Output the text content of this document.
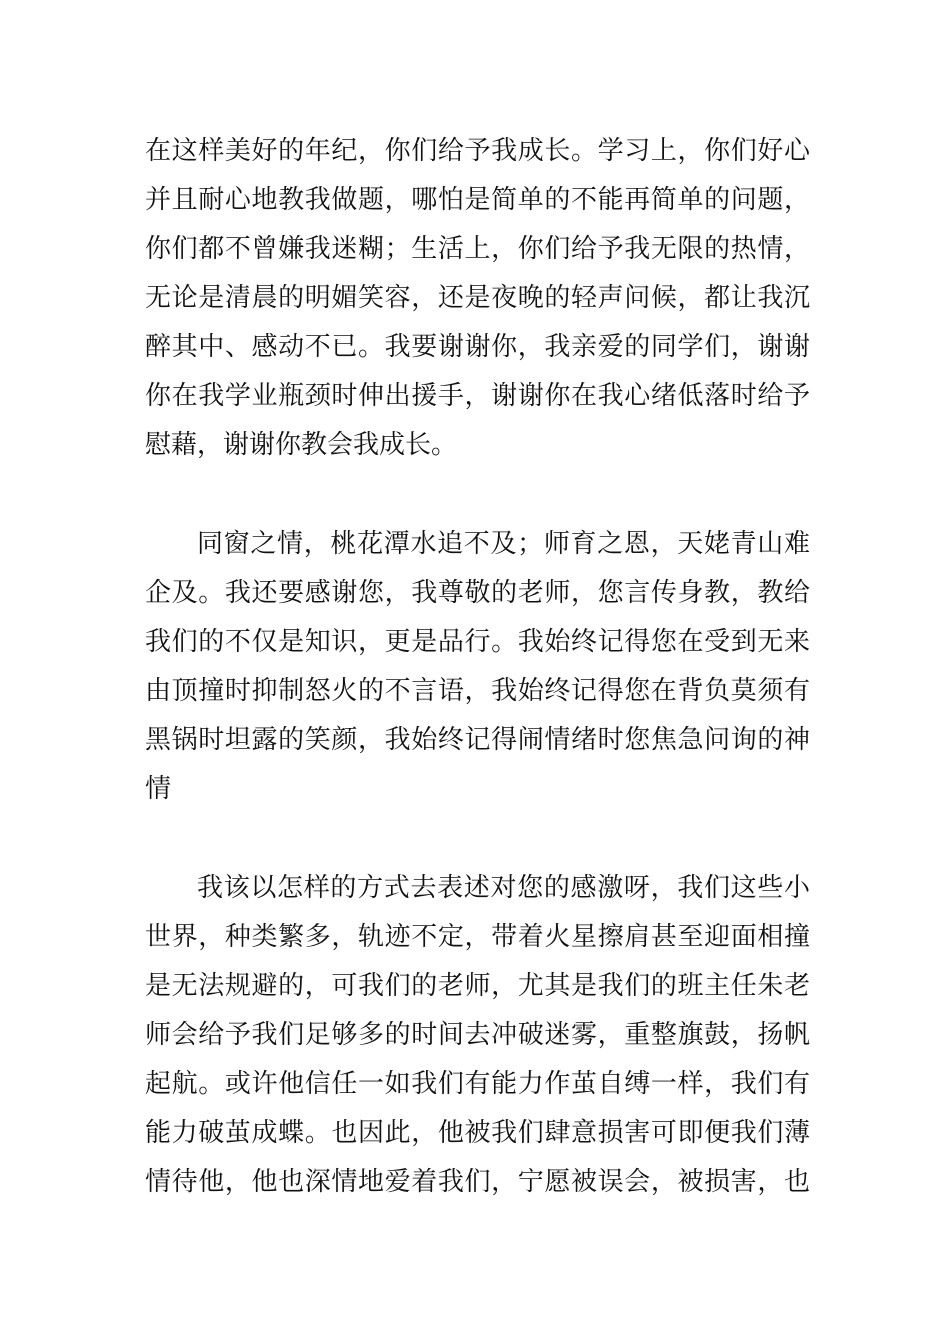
在这样美好的年纪，你们给予我成长。学习上，你们好心
并且耐心地教我做题，哪怕是简单的不能再简单的问题，
你们都不曾嫌我迷糊；生活上，你们给予我无限的热情，
无论是清晨的明媚笑容，还是夜晚的轻声问候，都让我沉
醉其中、感动不已。我要谢谢你，我亲爱的同学们，谢谢
你在我学业瓶颈时伸出援手，谢谢你在我心绪低落时给予
慰藉，谢谢你教会我成长。
同窗之情，桃花潭水追不及；师育之恩，天姥青山难
企及。我还要感谢您，我尊敬的老师，您言传身教，教给
我们的不仅是知识，更是品行。我始终记得您在受到无来
由顶撞时抑制怒火的不言语，我始终记得您在背负莫须有
黑锅时坦露的笑颜，我始终记得闹情绪时您焦急问询的神
情
我该以怎样的方式去表述对您的感激呀，我们这些小
世界，种类繁多，轨迹不定，带着火星擦肩甚至迎面相撞
是无法规避的，可我们的老师，尤其是我们的班主任朱老
师会给予我们足够多的时间去冲破迷雾，重整旗鼓，扬帆
起航。或许他信任一如我们有能力作茧自缚一样，我们有
能力破茧成蝶。也因此，他被我们肆意损害可即便我们薄
情待他，他也深情地爱着我们，宁愿被误会，被损害，也
